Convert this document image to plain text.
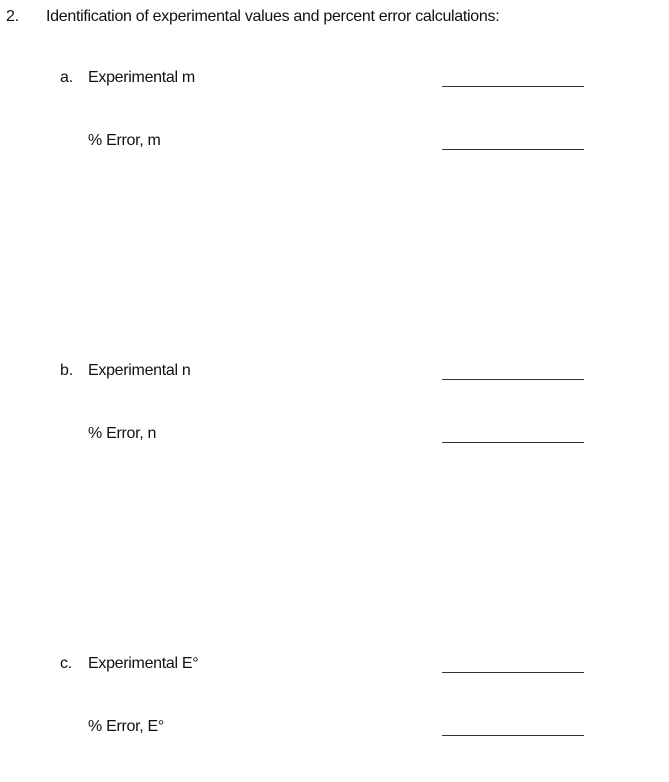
2. Identification of experimental values and percent error calculations:
a. Experimental m
% Error, m
b. Experimental n
% Error, n
c. Experimental E°
% Error, E°
